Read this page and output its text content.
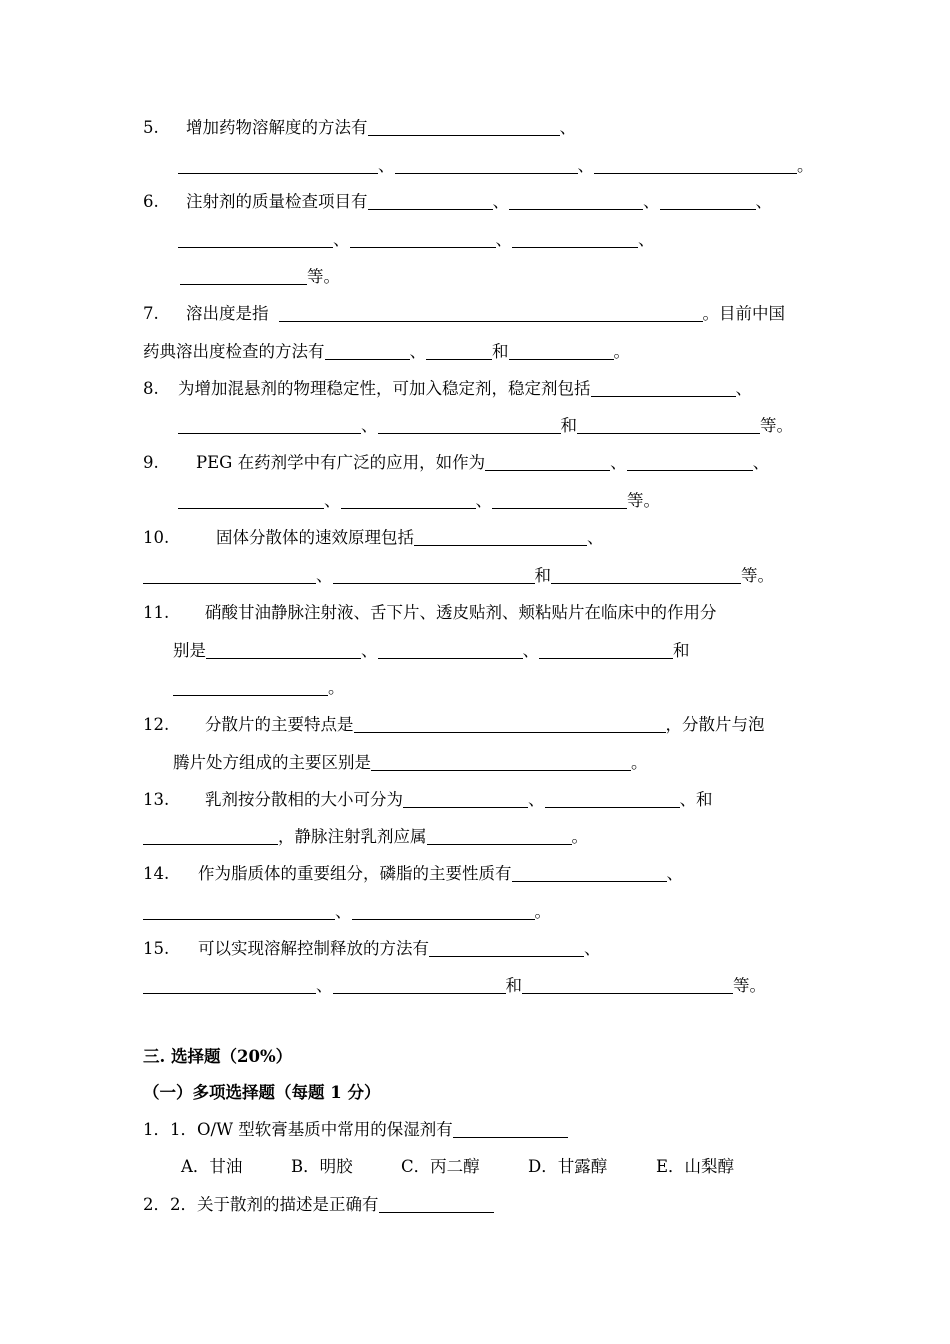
5. 增加药物溶解度的方法有	、
、	、	。
6. 注射剂的质量检查项目有	、	、	、
、	、	、
等。
7. 溶出度是指	。目前中国
药典溶出度检查的方法有	、	和	。
8. 为增加混悬剂的物理稳定性，可加入稳定剂，稳定剂包括	、
、	和	等。
9. PEG 在药剂学中有广泛的应用，如作为	、	、
、	、	等。
10.	固体分散体的速效原理包括	、
、	和	等。
11. 硝酸甘油静脉注射液、舌下片、透皮贴剂、颊粘贴片在临床中的作用分
别是	、	、	和
。
12. 分散片的主要特点是	，分散片与泡
腾片处方组成的主要区别是	。
13. 乳剂按分散相的大小可分为	、	、和
，静脉注射乳剂应属	。
14. 作为脂质体的重要组分，磷脂的主要性质有	、
、	。
15. 可以实现溶解控制释放的方法有	、
、	和	等。
三. 选择题（20%）
（一）多项选择题（每题 1 分）
1．1．O/W 型软膏基质中常用的保湿剂有
A．甘油	B．明胶	C．丙二醇	D．甘露醇	E．山梨醇
2．2．关于散剂的描述是正确有
